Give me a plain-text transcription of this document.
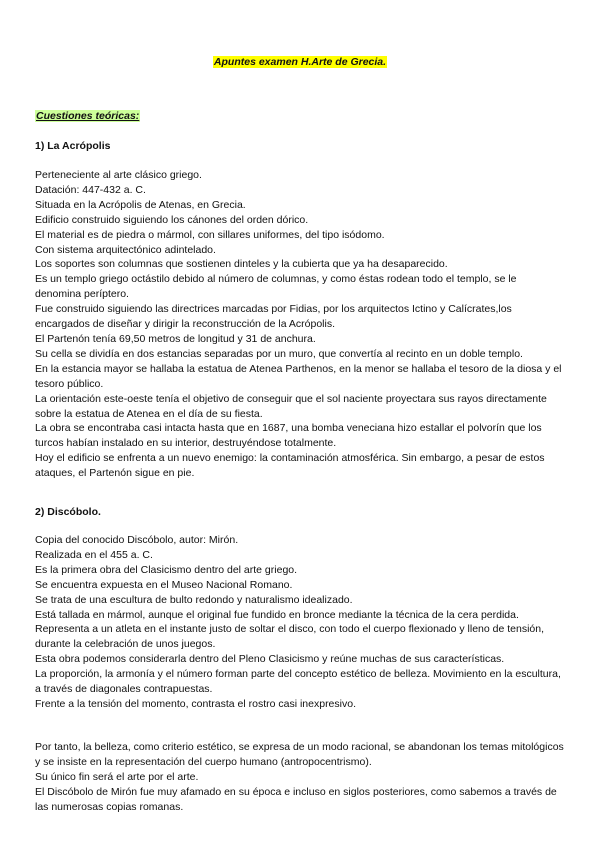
Apuntes examen H.Arte de Grecia.
Cuestiones teóricas:
1) La Acrópolis

Perteneciente al arte clásico griego.

Datación: 447-432 a. C.

Situada en la Acrópolis de Atenas, en Grecia.

Edificio construido siguiendo los cánones del orden dórico.

El material es de piedra o mármol, con sillares uniformes, del tipo isódomo.

Con sistema arquitectónico adintelado.

Los soportes son columnas que sostienen dinteles y la cubierta que ya ha desaparecido.

Es un templo griego octástilo debido al número de columnas, y como éstas rodean todo el templo, se le denomina períptero.

Fue construido siguiendo las directrices marcadas por Fidias, por los arquitectos Ictino y Calícrates,los encargados de diseñar y dirigir la reconstrucción de la Acrópolis.

El Partenón tenía 69,50 metros de longitud y 31 de anchura.

Su cella se dividía en dos estancias separadas por un muro, que convertía al recinto en un doble templo.

En la estancia mayor se hallaba la estatua de Atenea Parthenos, en la menor se hallaba el tesoro de la diosa y el tesoro público.

La orientación este-oeste tenía el objetivo de conseguir que el sol naciente proyectara sus rayos directamente sobre la estatua de Atenea en el día de su fiesta.

La obra se encontraba casi intacta hasta que en 1687, una bomba veneciana hizo estallar el polvorín que los turcos habían instalado en su interior, destruyéndose totalmente.

Hoy el edificio se enfrenta a un nuevo enemigo: la contaminación atmosférica. Sin embargo, a pesar de estos ataques, el Partenón sigue en pie.

2) Discóbolo.

Copia del conocido Discóbolo, autor: Mirón.

Realizada en el 455 a. C.

Es la primera obra del Clasicismo dentro del arte griego.

Se encuentra expuesta en el Museo Nacional Romano.

Se trata de una escultura de bulto redondo y naturalismo idealizado.

Está tallada en mármol, aunque el original fue fundido en bronce mediante la técnica de la cera perdida.

Representa a un atleta en el instante justo de soltar el disco, con todo el cuerpo flexionado y lleno de tensión, durante la celebración de unos juegos.

Esta obra podemos considerarla dentro del Pleno Clasicismo y reúne muchas de sus características.

La proporción, la armonía y el número forman parte del concepto estético de belleza. Movimiento en la escultura, a través de diagonales contrapuestas.

Frente a la tensión del momento, contrasta el rostro casi inexpresivo.

Por tanto, la belleza, como criterio estético, se expresa de un modo racional, se abandonan los temas mitológicos y se insiste en la representación del cuerpo humano (antropocentrismo).

Su único fin será el arte por el arte.

El Discóbolo de Mirón fue muy afamado en su época e incluso en siglos posteriores, como sabemos a través de las numerosas copias romanas.
